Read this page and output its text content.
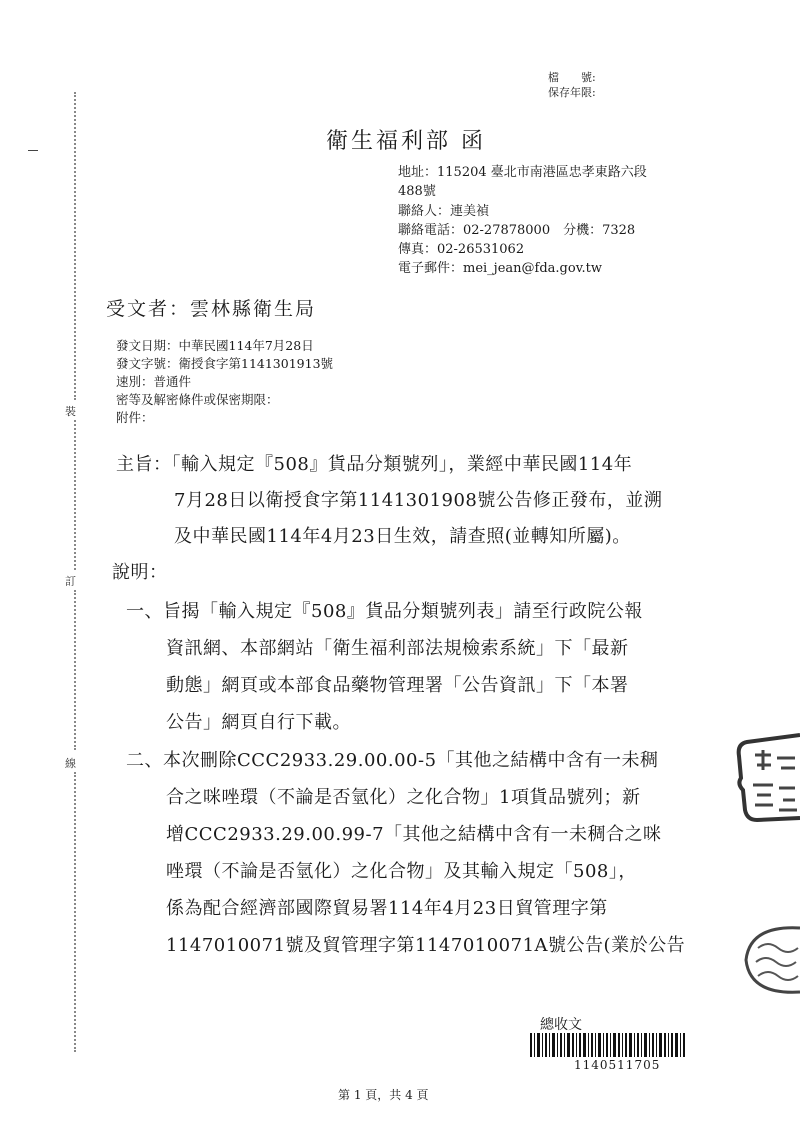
裝
訂
線
檔　　號:
保存年限:
衛生福利部 函
地址：115204 臺北市南港區忠孝東路六段
488號
聯絡人：連美禎
聯絡電話：02-27878000　分機：7328
傳真：02-26531062
電子郵件：mei_jean@fda.gov.tw
受文者：雲林縣衛生局
發文日期：中華民國114年7月28日
發文字號：衛授食字第1141301913號
速別：普通件
密等及解密條件或保密期限：
附件：
主旨：「輸入規定『508』貨品分類號列」，業經中華民國114年
7月28日以衛授食字第1141301908號公告修正發布，並溯
及中華民國114年4月23日生效，請查照(並轉知所屬)。
說明：
一、旨揭「輸入規定『508』貨品分類號列表」請至行政院公報
資訊網、本部網站「衛生福利部法規檢索系統」下「最新
動態」網頁或本部食品藥物管理署「公告資訊」下「本署
公告」網頁自行下載。
二、本次刪除CCC2933.29.00.00-5「其他之結構中含有一未稠
合之咪唑環（不論是否氫化）之化合物」1項貨品號列；新
增CCC2933.29.00.99-7「其他之結構中含有一未稠合之咪
唑環（不論是否氫化）之化合物」及其輸入規定「508」，
係為配合經濟部國際貿易署114年4月23日貿管理字第
1147010071號及貿管理字第1147010071A號公告(業於公告
總收文
1140511705
第 1 頁，共 4 頁
